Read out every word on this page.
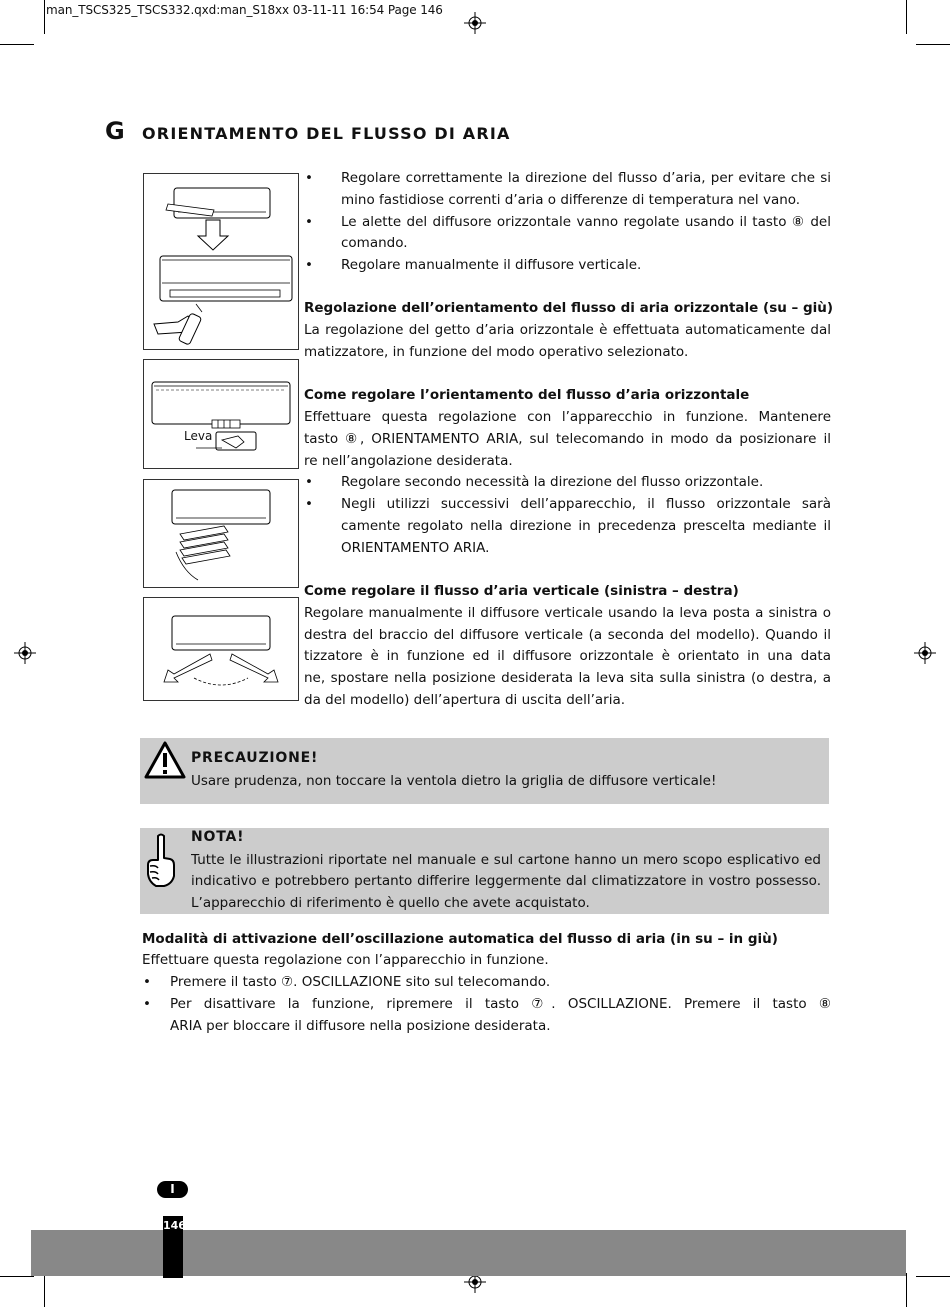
man_TSCS325_TSCS332.qxd:man_S18xx 03-11-11 16:54 Page 146
G ORIENTAMENTO DEL FLUSSO DI ARIA
Leva
• Regolare correttamente la direzione del flusso d’aria, per evitare che si
mino fastidiose correnti d’aria o differenze di temperatura nel vano.
• Le alette del diffusore orizzontale vanno regolate usando il tasto ⑧ del
comando.
• Regolare manualmente il diffusore verticale.
Regolazione dell’orientamento del flusso di aria orizzontale (su – giù)
La regolazione del getto d’aria orizzontale è effettuata automaticamente dal
matizzatore, in funzione del modo operativo selezionato.
Come regolare l’orientamento del flusso d’aria orizzontale
Effettuare questa regolazione con l’apparecchio in funzione. Mantenere
tasto ⑧, ORIENTAMENTO ARIA, sul telecomando in modo da posizionare il
re nell’angolazione desiderata.
• Regolare secondo necessità la direzione del flusso orizzontale.
• Negli utilizzi successivi dell’apparecchio, il flusso orizzontale sarà
camente regolato nella direzione in precedenza prescelta mediante il
ORIENTAMENTO ARIA.
Come regolare il flusso d’aria verticale (sinistra – destra)
Regolare manualmente il diffusore verticale usando la leva posta a sinistra o
destra del braccio del diffusore verticale (a seconda del modello). Quando il
tizzatore è in funzione ed il diffusore orizzontale è orientato in una data
ne, spostare nella posizione desiderata la leva sita sulla sinistra (o destra, a
da del modello) dell’apertura di uscita dell’aria.
PRECAUZIONE!
Usare prudenza, non toccare la ventola dietro la griglia de diffusore verticale!
NOTA!
Tutte le illustrazioni riportate nel manuale e sul cartone hanno un mero scopo esplicativo ed
indicativo e potrebbero pertanto differire leggermente dal climatizzatore in vostro possesso.
L’apparecchio di riferimento è quello che avete acquistato.
Modalità di attivazione dell’oscillazione automatica del flusso di aria (in su – in giù)
Effettuare questa regolazione con l’apparecchio in funzione.
• Premere il tasto ⑦. OSCILLAZIONE sito sul telecomando.
• Per disattivare la funzione, ripremere il tasto ⑦. OSCILLAZIONE. Premere il tasto ⑧
ARIA per bloccare il diffusore nella posizione desiderata.
I
146
